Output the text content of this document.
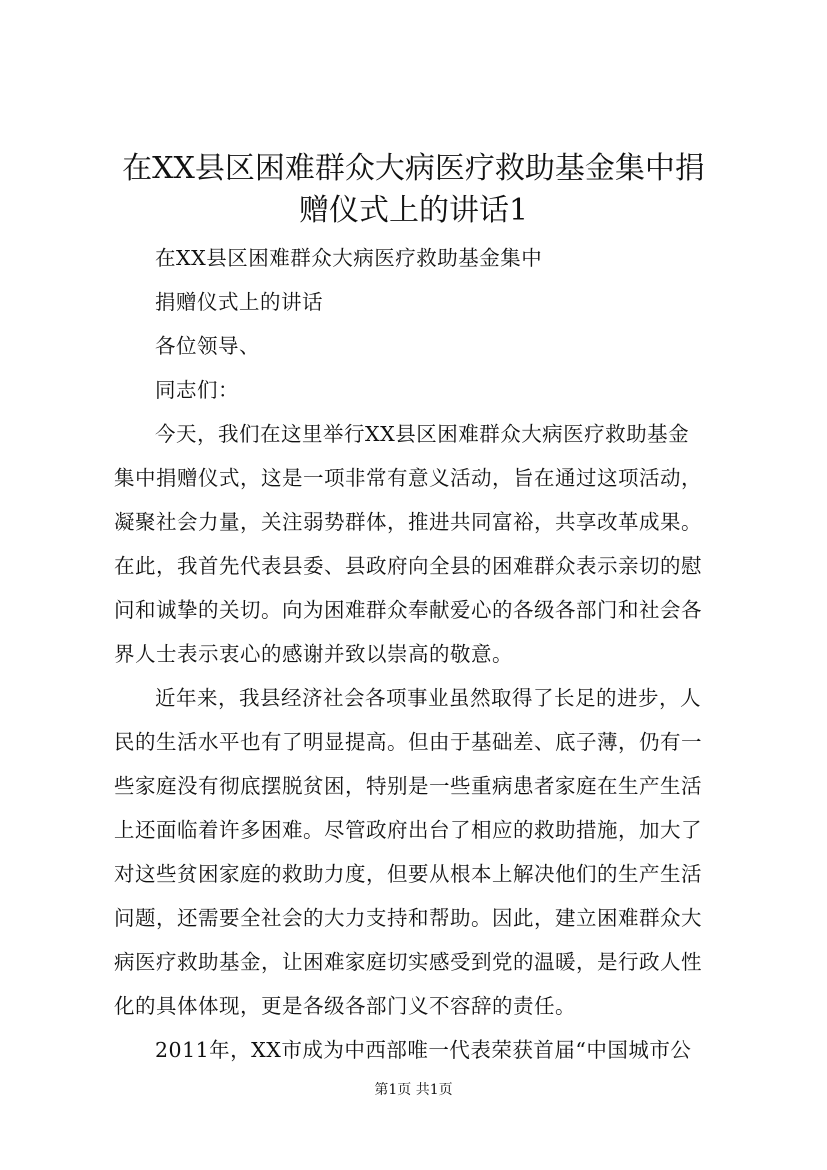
在XX县区困难群众大病医疗救助基金集中捐
赠仪式上的讲话1
在XX县区困难群众大病医疗救助基金集中
捐赠仪式上的讲话
各位领导、
同志们：
今天，我们在这里举行XX县区困难群众大病医疗救助基金
集中捐赠仪式，这是一项非常有意义活动，旨在通过这项活动，
凝聚社会力量，关注弱势群体，推进共同富裕，共享改革成果。
在此，我首先代表县委、县政府向全县的困难群众表示亲切的慰
问和诚挚的关切。向为困难群众奉献爱心的各级各部门和社会各
界人士表示衷心的感谢并致以崇高的敬意。
近年来，我县经济社会各项事业虽然取得了长足的进步，人
民的生活水平也有了明显提高。但由于基础差、底子薄，仍有一
些家庭没有彻底摆脱贫困，特别是一些重病患者家庭在生产生活
上还面临着许多困难。尽管政府出台了相应的救助措施，加大了
对这些贫困家庭的救助力度，但要从根本上解决他们的生产生活
问题，还需要全社会的大力支持和帮助。因此，建立困难群众大
病医疗救助基金，让困难家庭切实感受到党的温暖，是行政人性
化的具体体现，更是各级各部门义不容辞的责任。
2011年，XX市成为中西部唯一代表荣获首届“中国城市公
第1页 共1页
